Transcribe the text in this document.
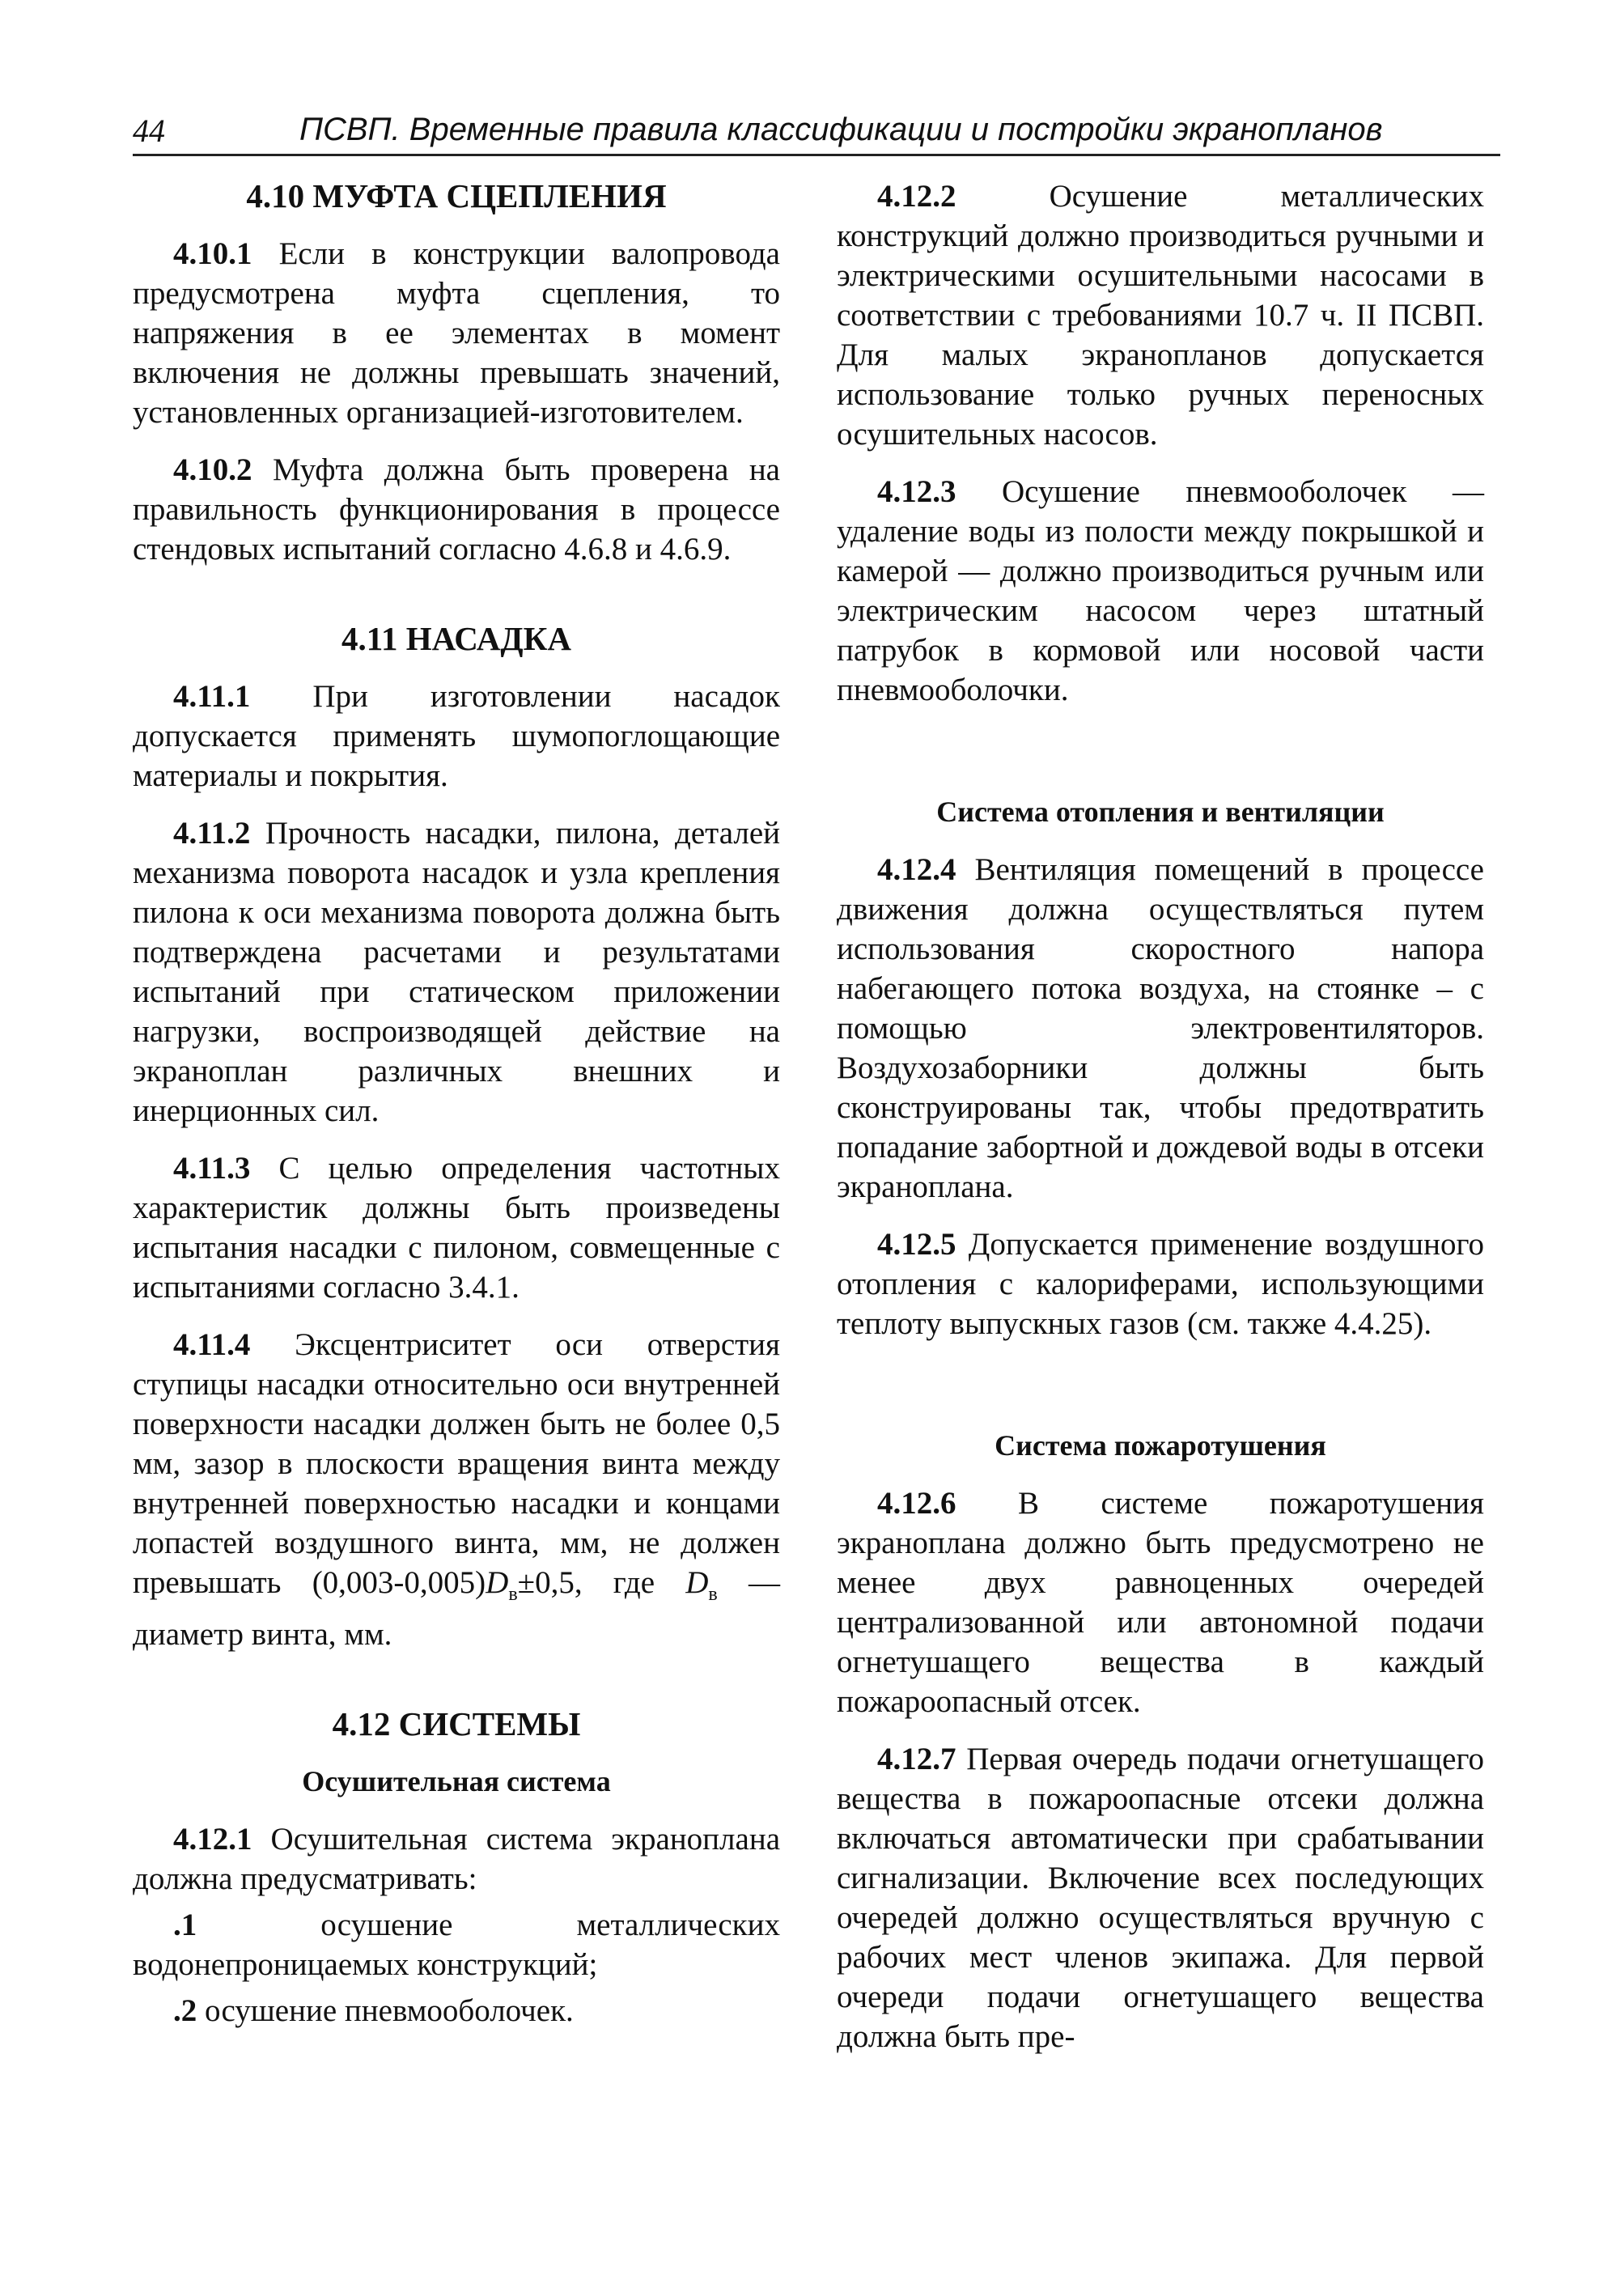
44	ПСВП. Временные правила классификации и постройки экранопланов
4.10 МУФТА СЦЕПЛЕНИЯ

4.10.1 Если в конструкции валопровода предусмотрена муфта сцепления, то напряжения в ее элементах в момент включения не должны превышать значений, установленных организацией-изготовителем.

4.10.2 Муфта должна быть проверена на правильность функционирования в процессе стендовых испытаний согласно 4.6.8 и 4.6.9.

4.11 НАСАДКА

4.11.1 При изготовлении насадок допускается применять шумопоглощающие материалы и покрытия.

4.11.2 Прочность насадки, пилона, деталей механизма поворота насадок и узла крепления пилона к оси механизма поворота должна быть подтверждена расчетами и результатами испытаний при статическом приложении нагрузки, воспроизводящей действие на экраноплан различных внешних и инерционных сил.

4.11.3 С целью определения частотных характеристик должны быть произведены испытания насадки с пилоном, совмещенные с испытаниями согласно 3.4.1.

4.11.4 Эксцентриситет оси отверстия ступицы насадки относительно оси внутренней поверхности насадки должен быть не более 0,5 мм, зазор в плоскости вращения винта между внутренней поверхностью насадки и концами лопастей воздушного винта, мм, не должен превышать $(0,003-0,005)D_в\pm 0,5$, где $D_в$ — диаметр винта, мм.

4.12 СИСТЕМЫ
Осушительная система

4.12.1 Осушительная система экраноплана должна предусматривать:

.1 осушение металлических водонепроницаемых конструкций;
.2 осушение пневмооболочек.

4.12.2 Осушение металлических конструкций должно производиться ручными и электрическими осушительными насосами в соответствии с требованиями 10.7 ч. II ПСВП. Для малых экранопланов допускается использование только ручных переносных осушительных насосов.

4.12.3 Осушение пневмооболочек — удаление воды из полости между покрышкой и камерой — должно производиться ручным или электрическим насосом через штатный патрубок в кормовой или носовой части пневмооболочки.

Система отопления и вентиляции

4.12.4 Вентиляция помещений в процессе движения должна осуществляться путем использования скоростного напора набегающего потока воздуха, на стоянке – с помощью электровентиляторов. Воздухозаборники должны быть сконструированы так, чтобы предотвратить попадание забортной и дождевой воды в отсеки экраноплана.

4.12.5 Допускается применение воздушного отопления с калориферами, использующими теплоту выпускных газов (см. также 4.4.25).

Система пожаротушения

4.12.6 В системе пожаротушения экраноплана должно быть предусмотрено не менее двух равноценных очередей централизованной или автономной подачи огнетушащего вещества в каждый пожароопасный отсек.

4.12.7 Первая очередь подачи огнетушащего вещества в пожароопасные отсеки должна включаться автоматически при срабатывании сигнализации. Включение всех последующих очередей должно осуществляться вручную с рабочих мест членов экипажа. Для первой очереди подачи огнетушащего вещества должна быть пре-
